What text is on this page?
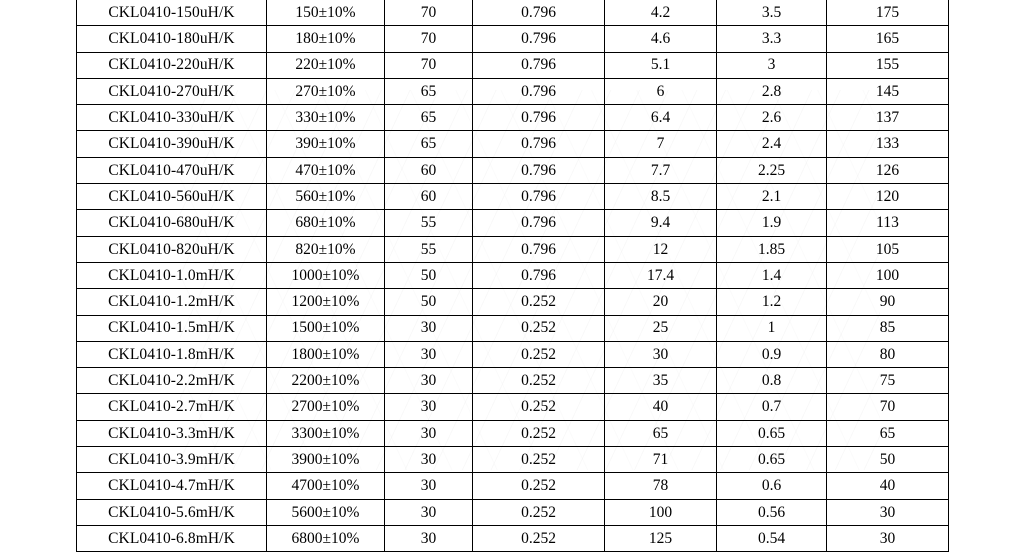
CKL0410-150uH/K	150±10%	70	0.796	4.2	3.5	175
CKL0410-180uH/K	180±10%	70	0.796	4.6	3.3	165
CKL0410-220uH/K	220±10%	70	0.796	5.1	3	155
CKL0410-270uH/K	270±10%	65	0.796	6	2.8	145
CKL0410-330uH/K	330±10%	65	0.796	6.4	2.6	137
CKL0410-390uH/K	390±10%	65	0.796	7	2.4	133
CKL0410-470uH/K	470±10%	60	0.796	7.7	2.25	126
CKL0410-560uH/K	560±10%	60	0.796	8.5	2.1	120
CKL0410-680uH/K	680±10%	55	0.796	9.4	1.9	113
CKL0410-820uH/K	820±10%	55	0.796	12	1.85	105
CKL0410-1.0mH/K	1000±10%	50	0.796	17.4	1.4	100
CKL0410-1.2mH/K	1200±10%	50	0.252	20	1.2	90
CKL0410-1.5mH/K	1500±10%	30	0.252	25	1	85
CKL0410-1.8mH/K	1800±10%	30	0.252	30	0.9	80
CKL0410-2.2mH/K	2200±10%	30	0.252	35	0.8	75
CKL0410-2.7mH/K	2700±10%	30	0.252	40	0.7	70
CKL0410-3.3mH/K	3300±10%	30	0.252	65	0.65	65
CKL0410-3.9mH/K	3900±10%	30	0.252	71	0.65	50
CKL0410-4.7mH/K	4700±10%	30	0.252	78	0.6	40
CKL0410-5.6mH/K	5600±10%	30	0.252	100	0.56	30
CKL0410-6.8mH/K	6800±10%	30	0.252	125	0.54	30
